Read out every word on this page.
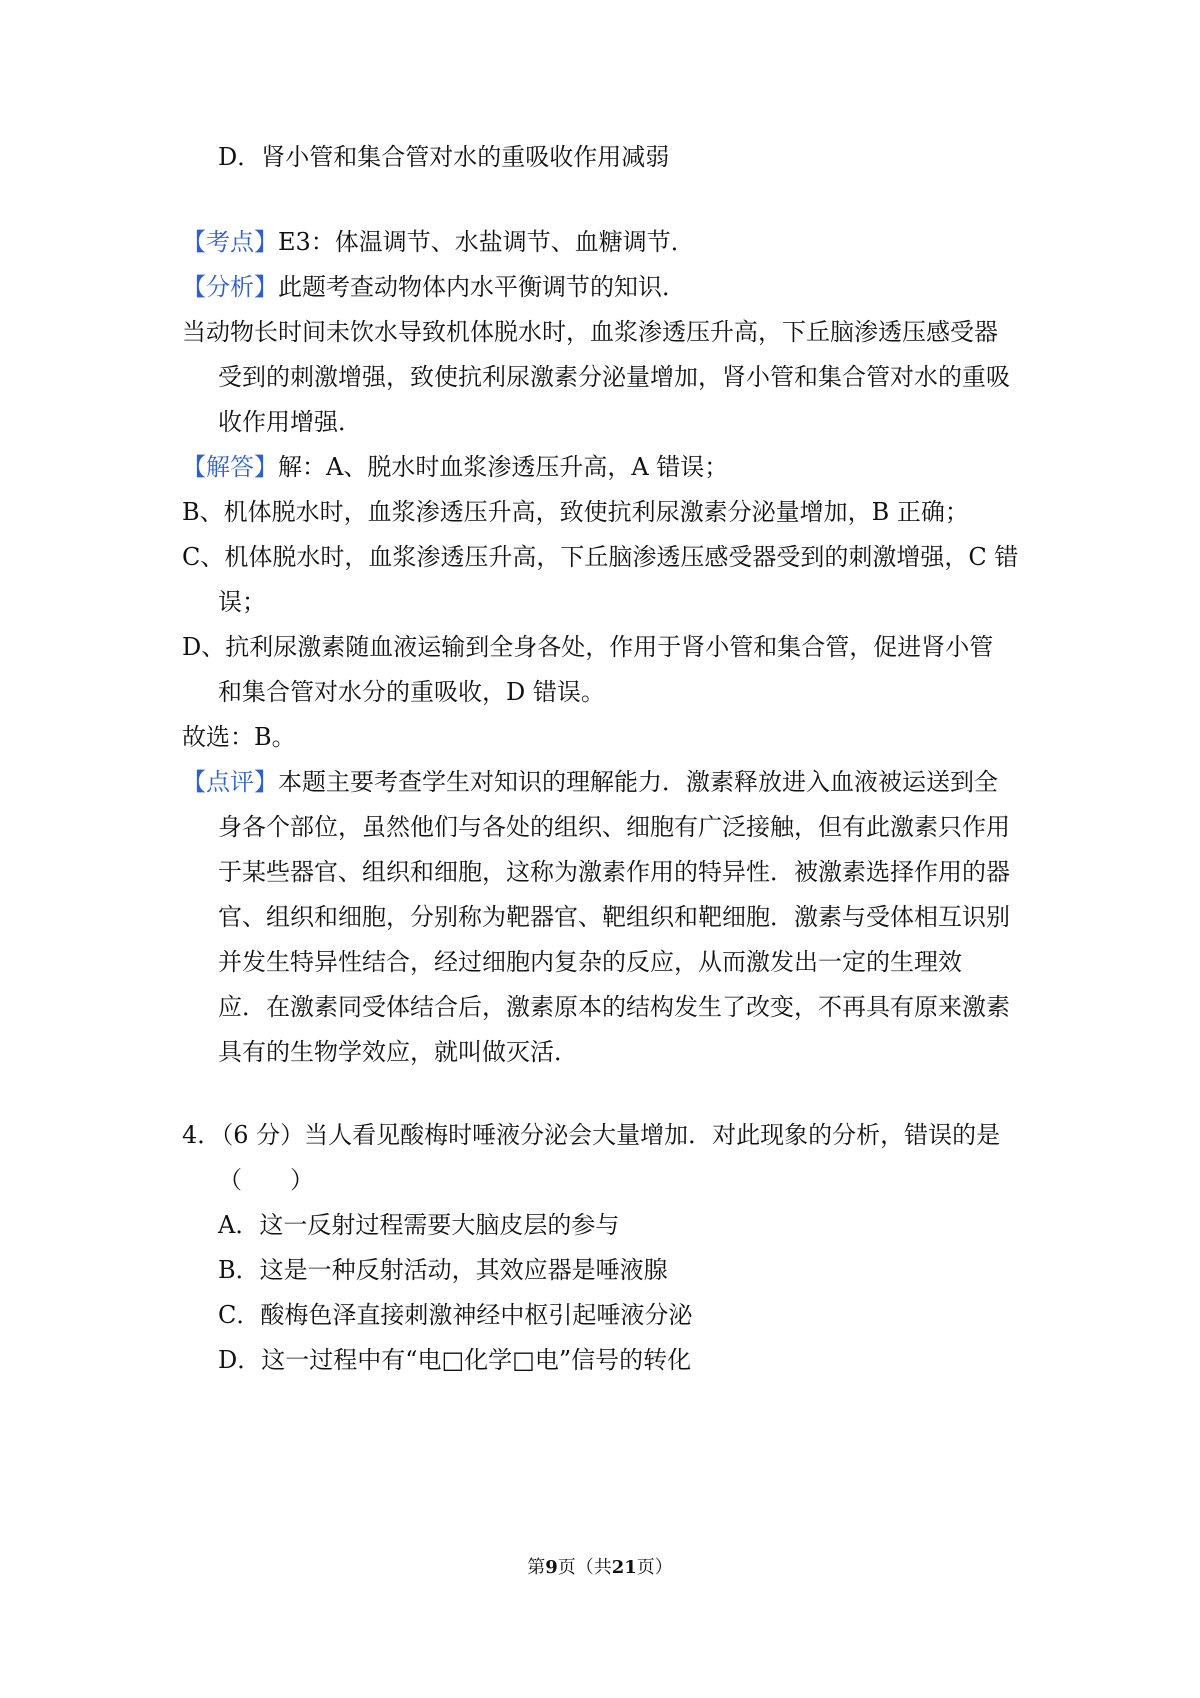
D．肾小管和集合管对水的重吸收作用减弱
【考点】E3：体温调节、水盐调节、血糖调节．
【分析】此题考查动物体内水平衡调节的知识．
当动物长时间未饮水导致机体脱水时，血浆渗透压升高，下丘脑渗透压感受器
受到的刺激增强，致使抗利尿激素分泌量增加，肾小管和集合管对水的重吸
收作用增强．
【解答】解：A、脱水时血浆渗透压升高，A 错误；
B、机体脱水时，血浆渗透压升高，致使抗利尿激素分泌量增加，B 正确；
C、机体脱水时，血浆渗透压升高，下丘脑渗透压感受器受到的刺激增强，C 错
误；
D、抗利尿激素随血液运输到全身各处，作用于肾小管和集合管，促进肾小管
和集合管对水分的重吸收，D 错误。
故选：B。
【点评】本题主要考查学生对知识的理解能力．激素释放进入血液被运送到全
身各个部位，虽然他们与各处的组织、细胞有广泛接触，但有此激素只作用
于某些器官、组织和细胞，这称为激素作用的特异性．被激素选择作用的器
官、组织和细胞，分别称为靶器官、靶组织和靶细胞．激素与受体相互识别
并发生特异性结合，经过细胞内复杂的反应，从而激发出一定的生理效
应．在激素同受体结合后，激素原本的结构发生了改变，不再具有原来激素
具有的生物学效应，就叫做灭活．
4．（6 分）当人看见酸梅时唾液分泌会大量增加．对此现象的分析，错误的是
（　　）
A．这一反射过程需要大脑皮层的参与
B．这是一种反射活动，其效应器是唾液腺
C．酸梅色泽直接刺激神经中枢引起唾液分泌
D．这一过程中有“电□化学□电”信号的转化
第9页（共21页）
